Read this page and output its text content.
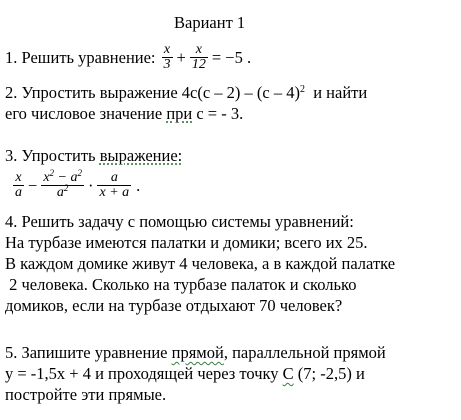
Вариант 1
1. Решить уравнение: $\frac{x}{3} + \frac{x}{12} = -5$ .
2. Упростить выражение 4c(c – 2) – (c – 4)$^2$  и найти
его числовое значение при с = - 3.
3. Упростить выражение:
$\frac{x}{a} - \frac{x^2 - a^2}{a^2} \cdot \frac{a}{x + a}$ .
4. Решить задачу с помощью системы уравнений:
На турбазе имеются палатки и домики; всего их 25.
В каждом домике живут 4 человека, а в каждой палатке
2 человека. Сколько на турбазе палаток и сколько
домиков, если на турбазе отдыхают 70 человек?
5. Запишите уравнение прямой, параллельной прямой
у = -1,5х + 4 и проходящей через точку С (7; -2,5) и
постройте эти прямые.
